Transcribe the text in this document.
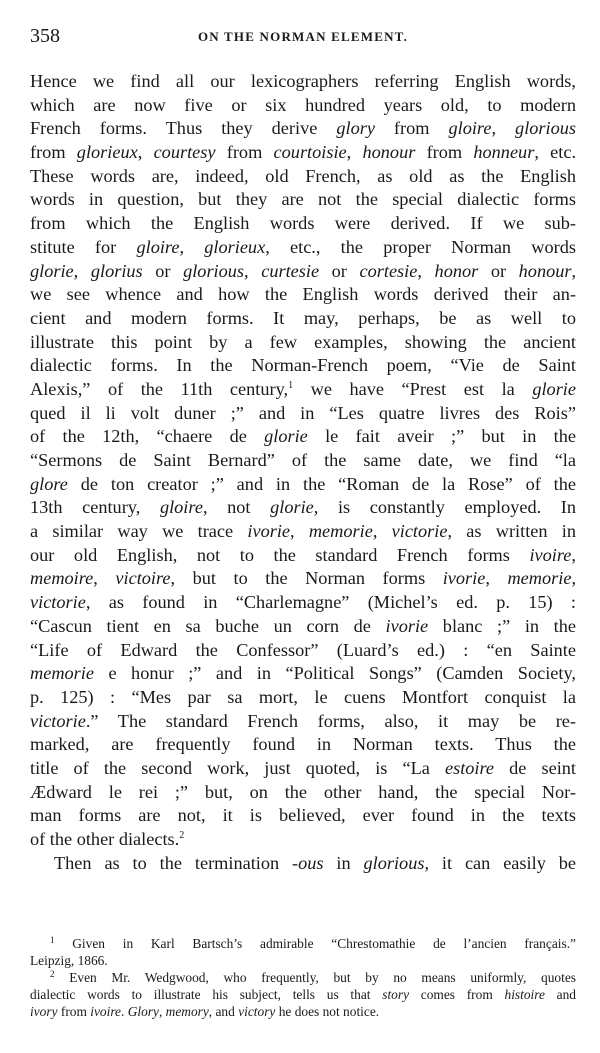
358	ON THE NORMAN ELEMENT.
Hence we find all our lexicographers referring English words,
which are now five or six hundred years old, to modern
French forms. Thus they derive glory from gloire, glorious
from glorieux, courtesy from courtoisie, honour from honneur, etc.
These words are, indeed, old French, as old as the English
words in question, but they are not the special dialectic forms
from which the English words were derived. If we sub-
stitute for gloire, glorieux, etc., the proper Norman words
glorie, glorius or glorious, curtesie or cortesie, honor or honour,
we see whence and how the English words derived their an-
cient and modern forms. It may, perhaps, be as well to
illustrate this point by a few examples, showing the ancient
dialectic forms. In the Norman-French poem, “Vie de Saint
Alexis,” of the 11th century,$^1$ we have “Prest est la glorie
qued il li volt duner ;” and in “Les quatre livres des Rois”
of the 12th, “chaere de glorie le fait aveir ;” but in the
“Sermons de Saint Bernard” of the same date, we find “la
glore de ton creator ;” and in the “Roman de la Rose” of the
13th century, gloire, not glorie, is constantly employed. In
a similar way we trace ivorie, memorie, victorie, as written in
our old English, not to the standard French forms ivoire,
memoire, victoire, but to the Norman forms ivorie, memorie,
victorie, as found in “Charlemagne” (Michel’s ed. p. 15) :
“Cascun tient en sa buche un corn de ivorie blanc ;” in the
“Life of Edward the Confessor” (Luard’s ed.) : “en Sainte
memorie e honur ;” and in “Political Songs” (Camden Society,
p. 125) : “Mes par sa mort, le cuens Montfort conquist la
victorie.” The standard French forms, also, it may be re-
marked, are frequently found in Norman texts. Thus the
title of the second work, just quoted, is “La estoire de seint
Ædward le rei ;” but, on the other hand, the special Nor-
man forms are not, it is believed, ever found in the texts
of the other dialects.$^2$
Then as to the termination -ous in glorious, it can easily be
$^1$ Given in Karl Bartsch’s admirable “Chrestomathie de l’ancien français.”
Leipzig, 1866.
$^2$ Even Mr. Wedgwood, who frequently, but by no means uniformly, quotes
dialectic words to illustrate his subject, tells us that story comes from histoire and
ivory from ivoire. Glory, memory, and victory he does not notice.
